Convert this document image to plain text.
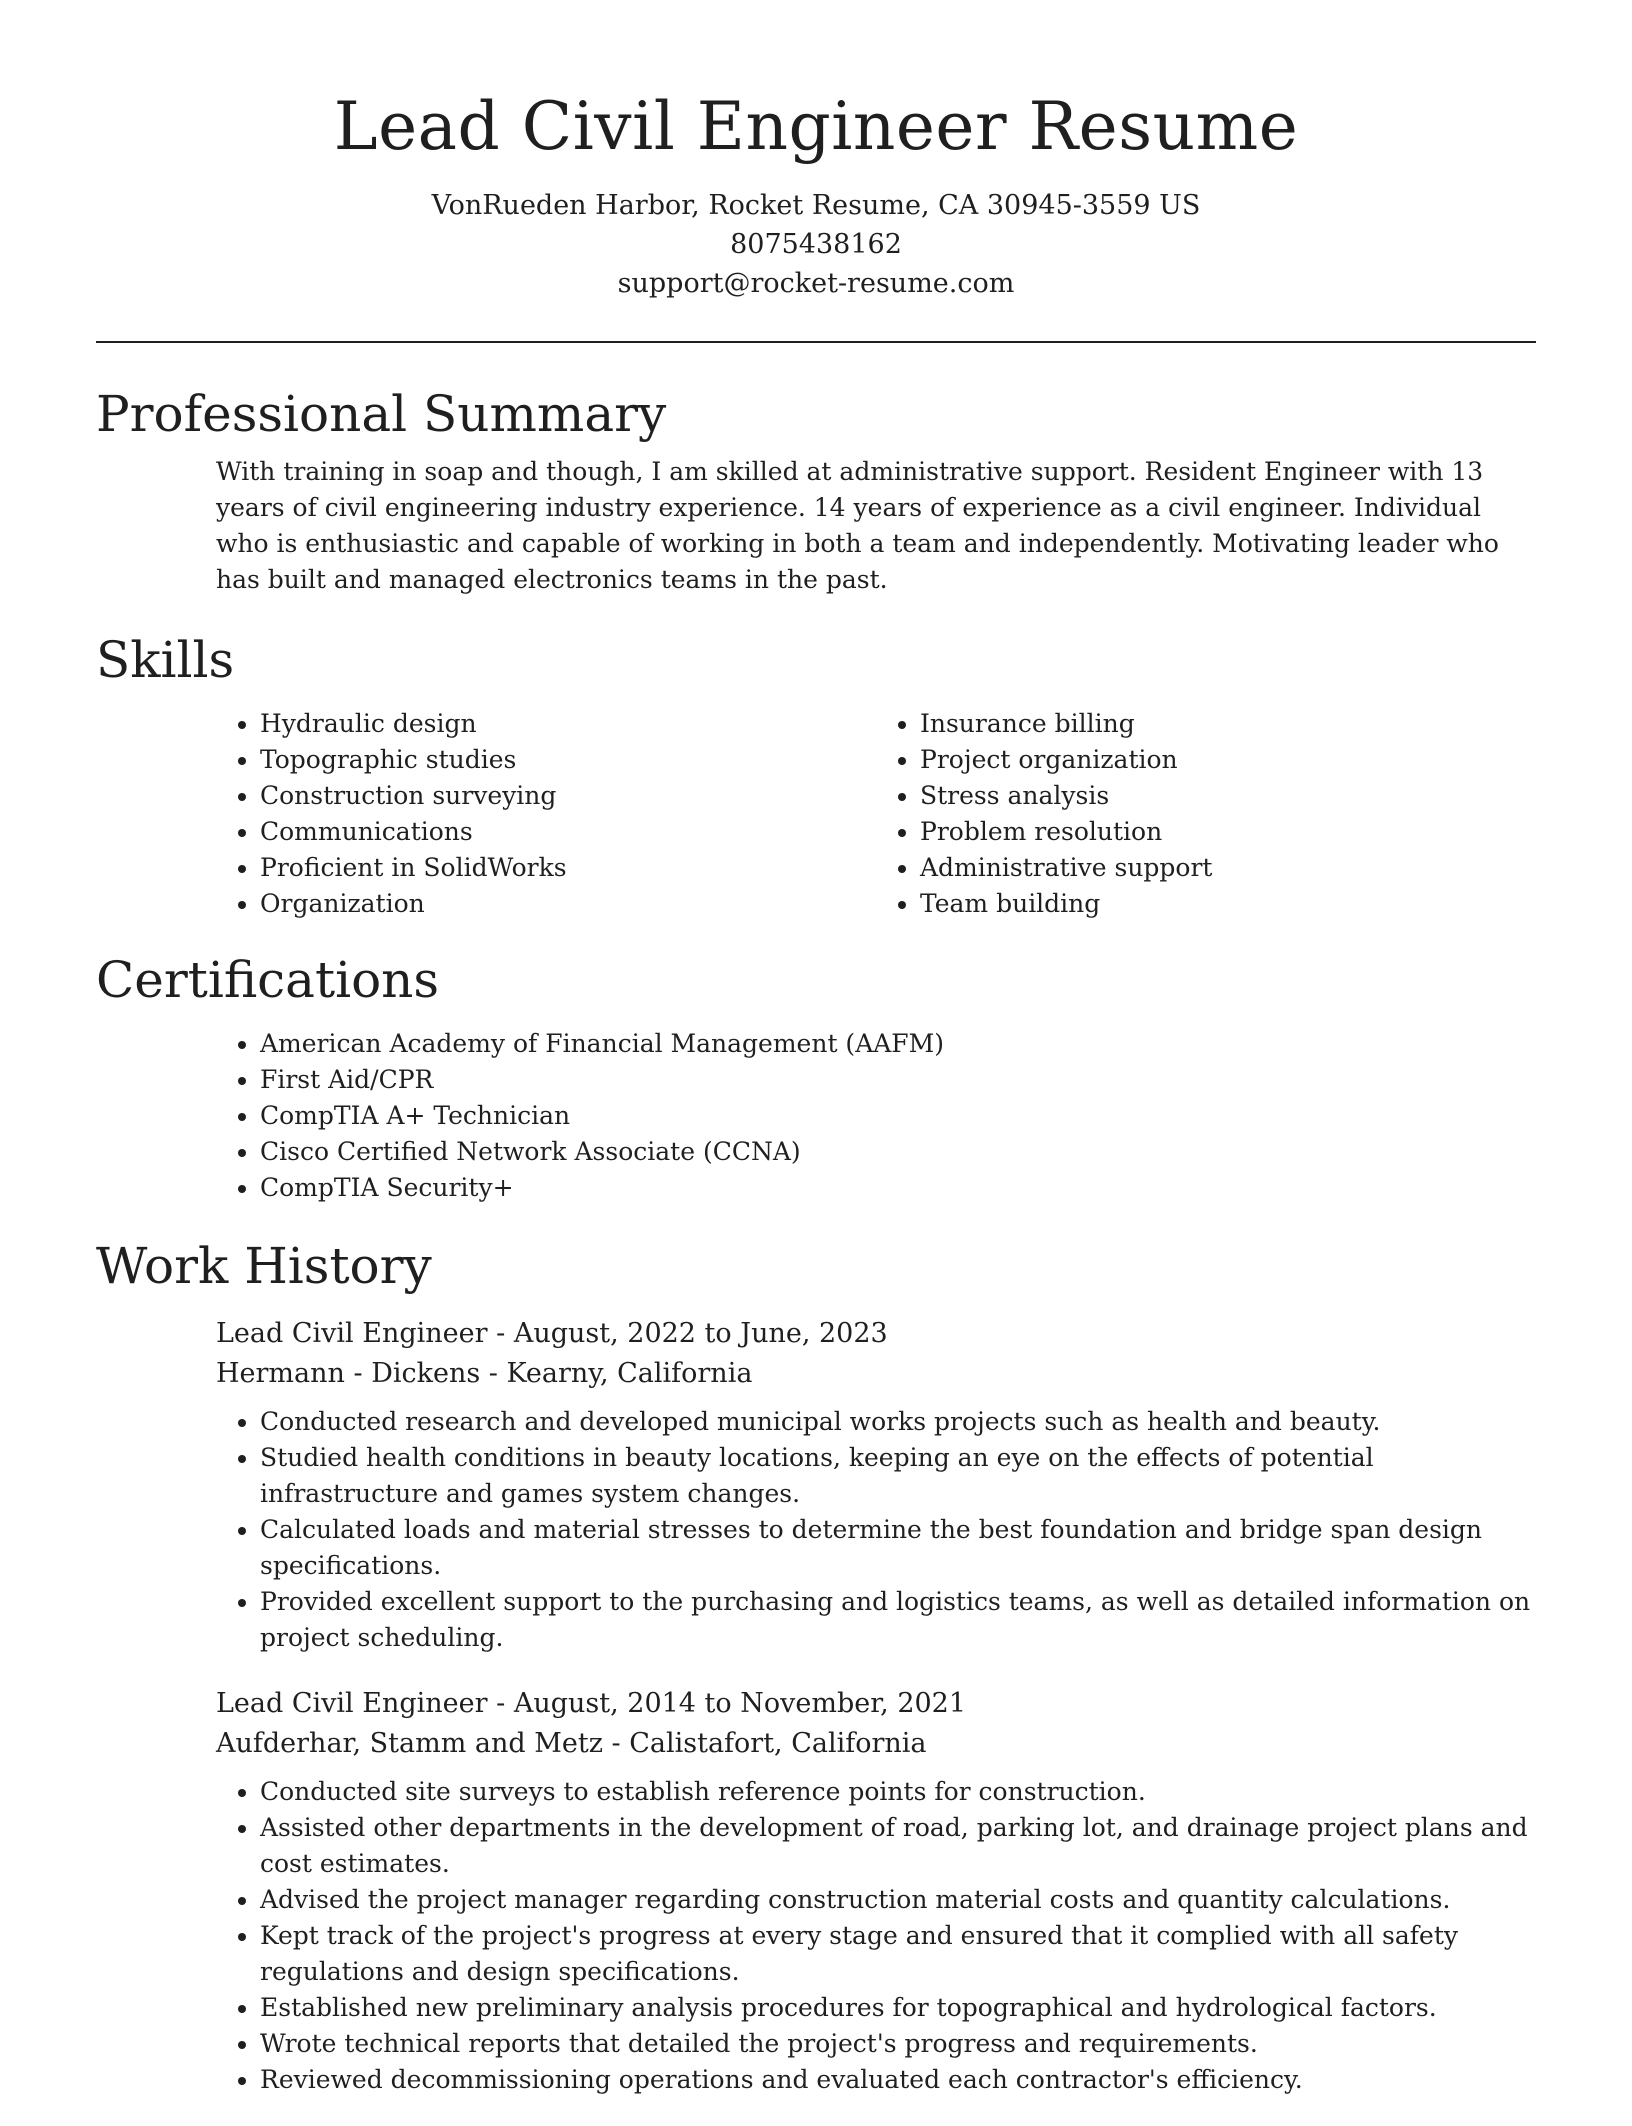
Lead Civil Engineer Resume
VonRueden Harbor, Rocket Resume, CA 30945-3559 US
8075438162
support@rocket-resume.com
Professional Summary

With training in soap and though, I am skilled at administrative support. Resident Engineer with 13 years of civil engineering industry experience. 14 years of experience as a civil engineer. Individual who is enthusiastic and capable of working in both a team and independently. Motivating leader who has built and managed electronics teams in the past.

Skills
• Hydraulic design
• Topographic studies
• Construction surveying
• Communications
• Proficient in SolidWorks
• Organization
• Insurance billing
• Project organization
• Stress analysis
• Problem resolution
• Administrative support
• Team building
Certifications
• American Academy of Financial Management (AAFM)
• First Aid/CPR
• CompTIA A+ Technician
• Cisco Certified Network Associate (CCNA)
• CompTIA Security+
Work History
Lead Civil Engineer - August, 2022 to June, 2023
Hermann - Dickens - Kearny, California
• Conducted research and developed municipal works projects such as health and beauty.
• Studied health conditions in beauty locations, keeping an eye on the effects of potential infrastructure and games system changes.
• Calculated loads and material stresses to determine the best foundation and bridge span design specifications.
• Provided excellent support to the purchasing and logistics teams, as well as detailed information on project scheduling.
Lead Civil Engineer - August, 2014 to November, 2021
Aufderhar, Stamm and Metz - Calistafort, California
• Conducted site surveys to establish reference points for construction.
• Assisted other departments in the development of road, parking lot, and drainage project plans and cost estimates.
• Advised the project manager regarding construction material costs and quantity calculations.
• Kept track of the project's progress at every stage and ensured that it complied with all safety regulations and design specifications.
• Established new preliminary analysis procedures for topographical and hydrological factors.
• Wrote technical reports that detailed the project's progress and requirements.
• Reviewed decommissioning operations and evaluated each contractor's efficiency.
